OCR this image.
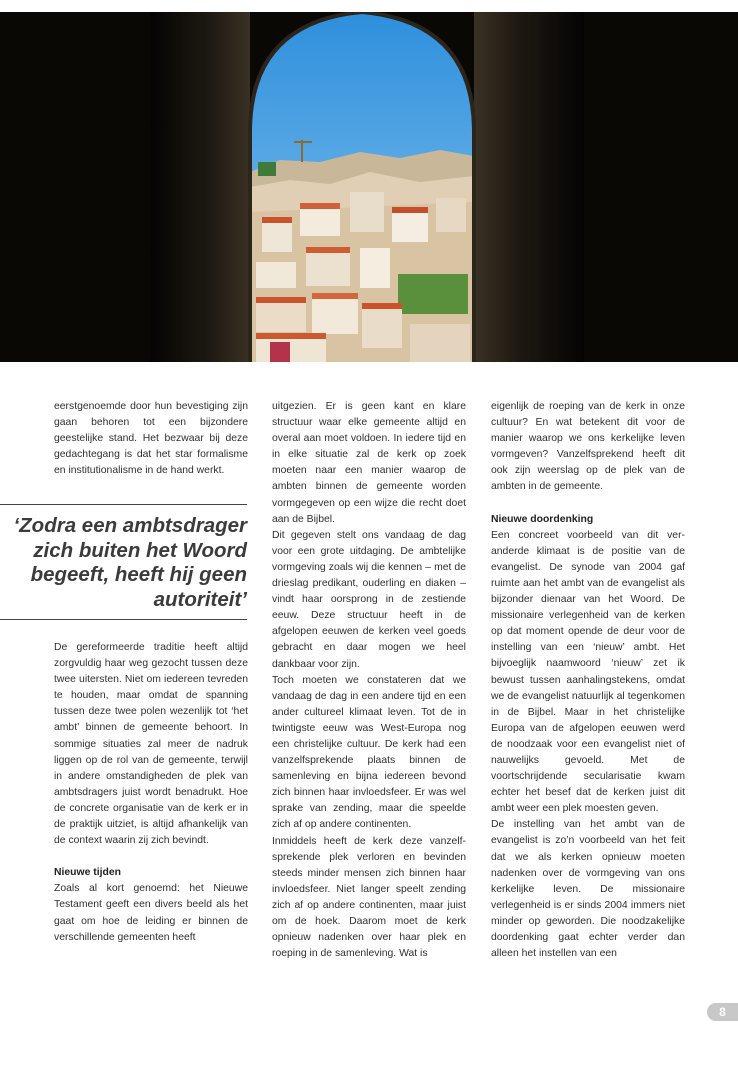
eerstgenoemde door hun bevestiging zijn gaan behoren tot een bijzondere geestelijke stand. Het bezwaar bij deze gedachtegang is dat het star formalisme en institutionalisme in de hand werkt.

‘Zodra een ambtsdrager zich buiten het Woord begeeft, heeft hij geen autoriteit’

De gereformeerde traditie heeft altijd zorgvuldig haar weg gezocht tussen deze twee uitersten. Niet om iedereen tevreden te houden, maar omdat de spanning tussen deze twee polen wezenlijk tot ‘het ambt’ binnen de gemeente behoort. In sommige situaties zal meer de nadruk liggen op de rol van de gemeente, terwijl in andere omstandigheden de plek van ambtsdragers juist wordt benadrukt. Hoe de concrete organisatie van de kerk er in de praktijk uitziet, is altijd afhankelijk van de context waarin zij zich bevindt.

Nieuwe tijden

Zoals al kort genoemd: het Nieuwe Testament geeft een divers beeld als het gaat om hoe de leiding er binnen de verschillende gemeenten heeft

uitgezien. Er is geen kant en klare structuur waar elke gemeente altijd en overal aan moet voldoen. In iedere tijd en in elke situatie zal de kerk op zoek moeten naar een manier waarop de ambten binnen de gemeente worden vormgegeven op een wijze die recht doet aan de Bijbel.

Dit gegeven stelt ons vandaag de dag voor een grote uitdaging. De ambtelijke vormgeving zoals wij die kennen – met de drieslag predikant, ouderling en diaken – vindt haar oorsprong in de zestiende eeuw. Deze structuur heeft in de afgelopen eeuwen de kerken veel goeds gebracht en daar mogen we heel dankbaar voor zijn.

Toch moeten we constateren dat we vandaag de dag in een andere tijd en een ander cultureel klimaat leven. Tot de in twintigste eeuw was West-Europa nog een christelijke cultuur. De kerk had een vanzelfsprekende plaats binnen de samenleving en bijna iedereen bevond zich binnen haar invloedsfeer. Er was wel sprake van zending, maar die speelde zich af op andere continenten.

Inmiddels heeft de kerk deze vanzelfsprekende plek verloren en bevinden steeds minder mensen zich binnen haar invloedsfeer. Niet langer speelt zending zich af op andere continenten, maar juist om de hoek. Daarom moet de kerk opnieuw nadenken over haar plek en roeping in de samenleving. Wat is

eigenlijk de roeping van de kerk in onze cultuur? En wat betekent dit voor de manier waarop we ons kerkelijke leven vormgeven? Vanzelfsprekend heeft dit ook zijn weerslag op de plek van de ambten in de gemeente.

Nieuwe doordenking

Een concreet voorbeeld van dit veranderde klimaat is de positie van de evangelist. De synode van 2004 gaf ruimte aan het ambt van de evangelist als bijzonder dienaar van het Woord. De missionaire verlegenheid van de kerken op dat moment opende de deur voor de instelling van een ‘nieuw’ ambt. Het bijvoeglijk naamwoord ‘nieuw’ zet ik bewust tussen aanhalingstekens, omdat we de evangelist natuurlijk al tegenkomen in de Bijbel. Maar in het christelijke Europa van de afgelopen eeuwen werd de noodzaak voor een evangelist niet of nauwelijks gevoeld. Met de voortschrijdende secularisatie kwam echter het besef dat de kerken juist dit ambt weer een plek moesten geven.

De instelling van het ambt van de evangelist is zo’n voorbeeld van het feit dat we als kerken opnieuw moeten nadenken over de vormgeving van ons kerkelijke leven. De missionaire verlegenheid is er sinds 2004 immers niet minder op geworden. Die noodzakelijke doordenking gaat echter verder dan alleen het instellen van een

8
